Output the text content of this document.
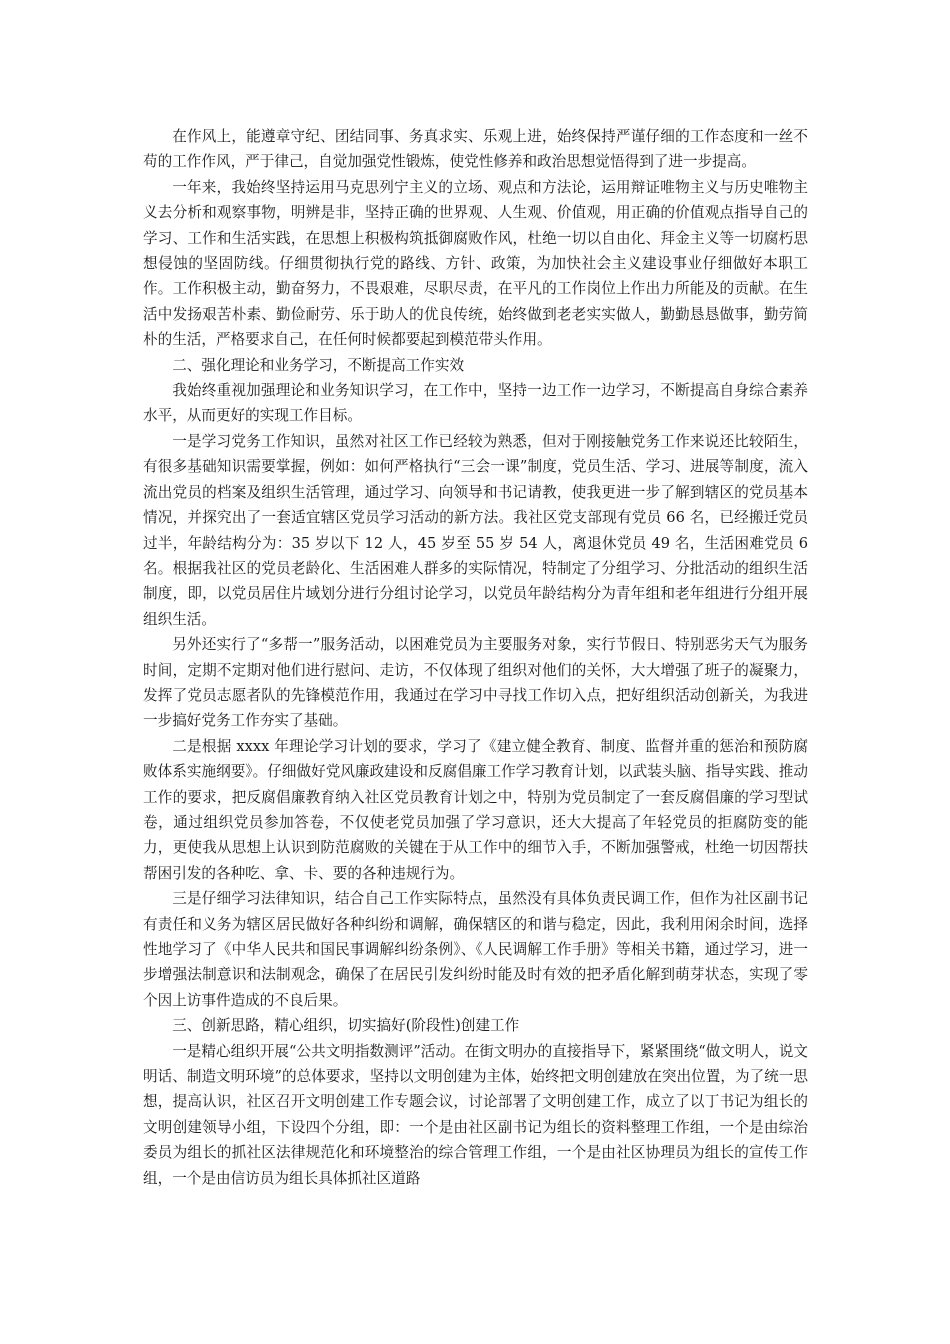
在作风上，能遵章守纪、团结同事、务真求实、乐观上进，始终保持严谨仔细的工作态度和一丝不苟的工作作风，严于律己，自觉加强党性锻炼，使党性修养和政治思想觉悟得到了进一步提高。

一年来，我始终坚持运用马克思列宁主义的立场、观点和方法论，运用辩证唯物主义与历史唯物主义去分析和观察事物，明辨是非，坚持正确的世界观、人生观、价值观，用正确的价值观点指导自己的学习、工作和生活实践，在思想上积极构筑抵御腐败作风，杜绝一切以自由化、拜金主义等一切腐朽思想侵蚀的坚固防线。仔细贯彻执行党的路线、方针、政策，为加快社会主义建设事业仔细做好本职工作。工作积极主动，勤奋努力，不畏艰难，尽职尽责，在平凡的工作岗位上作出力所能及的贡献。在生活中发扬艰苦朴素、勤俭耐劳、乐于助人的优良传统，始终做到老老实实做人，勤勤恳恳做事，勤劳简朴的生活，严格要求自己，在任何时候都要起到模范带头作用。

二、强化理论和业务学习，不断提高工作实效

我始终重视加强理论和业务知识学习，在工作中，坚持一边工作一边学习，不断提高自身综合素养水平，从而更好的实现工作目标。

一是学习党务工作知识，虽然对社区工作已经较为熟悉，但对于刚接触党务工作来说还比较陌生，有很多基础知识需要掌握，例如：如何严格执行“三会一课”制度，党员生活、学习、进展等制度，流入流出党员的档案及组织生活管理，通过学习、向领导和书记请教，使我更进一步了解到辖区的党员基本情况，并探究出了一套适宜辖区党员学习活动的新方法。我社区党支部现有党员 66 名，已经搬迁党员过半，年龄结构分为：35 岁以下 12 人，45 岁至 55 岁 54 人，离退休党员 49 名，生活困难党员 6 名。根据我社区的党员老龄化、生活困难人群多的实际情况，特制定了分组学习、分批活动的组织生活制度，即，以党员居住片域划分进行分组讨论学习，以党员年龄结构分为青年组和老年组进行分组开展组织生活。

另外还实行了“多帮一”服务活动，以困难党员为主要服务对象，实行节假日、特别恶劣天气为服务时间，定期不定期对他们进行慰问、走访，不仅体现了组织对他们的关怀，大大增强了班子的凝聚力，发挥了党员志愿者队的先锋模范作用，我通过在学习中寻找工作切入点，把好组织活动创新关，为我进一步搞好党务工作夯实了基础。

二是根据 xxxx 年理论学习计划的要求，学习了《建立健全教育、制度、监督并重的惩治和预防腐败体系实施纲要》。仔细做好党风廉政建设和反腐倡廉工作学习教育计划，以武装头脑、指导实践、推动工作的要求，把反腐倡廉教育纳入社区党员教育计划之中，特别为党员制定了一套反腐倡廉的学习型试卷，通过组织党员参加答卷，不仅使老党员加强了学习意识，还大大提高了年轻党员的拒腐防变的能力，更使我从思想上认识到防范腐败的关键在于从工作中的细节入手，不断加强警戒，杜绝一切因帮扶帮困引发的各种吃、拿、卡、要的各种违规行为。

三是仔细学习法律知识，结合自己工作实际特点，虽然没有具体负责民调工作，但作为社区副书记有责任和义务为辖区居民做好各种纠纷和调解，确保辖区的和谐与稳定，因此，我利用闲余时间，选择性地学习了《中华人民共和国民事调解纠纷条例》、《人民调解工作手册》等相关书籍，通过学习，进一步增强法制意识和法制观念，确保了在居民引发纠纷时能及时有效的把矛盾化解到萌芽状态，实现了零个因上访事件造成的不良后果。

三、创新思路，精心组织，切实搞好(阶段性)创建工作

一是精心组织开展“公共文明指数测评”活动。在街文明办的直接指导下，紧紧围绕“做文明人，说文明话、制造文明环境”的总体要求，坚持以文明创建为主体，始终把文明创建放在突出位置，为了统一思想，提高认识，社区召开文明创建工作专题会议，讨论部署了文明创建工作，成立了以丁书记为组长的文明创建领导小组，下设四个分组，即：一个是由社区副书记为组长的资料整理工作组，一个是由综治委员为组长的抓社区法律规范化和环境整治的综合管理工作组，一个是由社区协理员为组长的宣传工作组，一个是由信访员为组长具体抓社区道路
